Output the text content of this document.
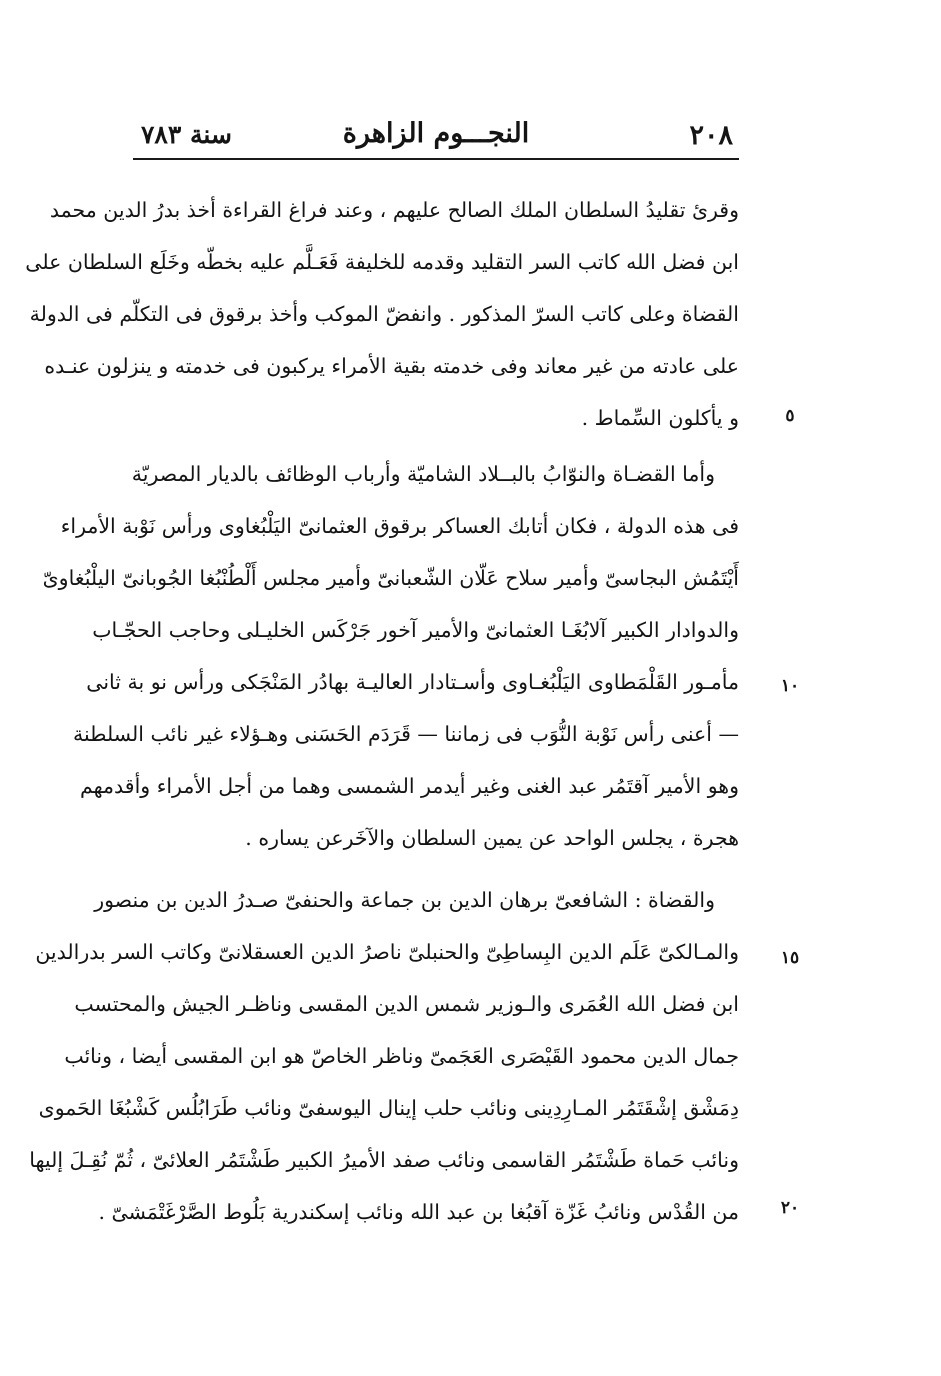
٢٠٨
النجـــوم الزاهرة
سنة ٧٨٣
وقرئ تقليدُ السلطان الملك الصالح عليهم ، وعند فراغ القراءة أخذ بدرُ الدين محمد
ابن فضل الله كاتب السر التقليد وقدمه للخليفة فَعَـلَّم عليه بخطّه وخَلَع السلطان على
القضاة وعلى كاتب السرّ المذكور . وانفضّ الموكب وأخذ برقوق فى التكلّم فى الدولة
على عادته من غير معاند وفى خدمته بقية الأمراء يركبون فى خدمته و ينزلون عنـده
و يأكلون السِّماط .
وأما القضـاة والنوّابُ بالبــلاد الشاميّة وأرباب الوظائف بالديار المصريّة
فى هذه الدولة ، فكان أتابك العساكر برقوق العثمانىّ اليَلْبُغاوى ورأس نَوْبة الأمراء
أَيْتَمُش البجاسىّ وأمير سلاح عَلّان الشّعبانىّ وأمير مجلس أَلْطُنْبُغا الجُوبانىّ اليلْبُغاوىّ
والدوادار الكبير آلابُغَـا العثمانىّ والأمير آخور جَرْكَس الخليـلى وحاجب الحجّـاب
مأمـور القَلْمَطاوى اليَلْبُغـاوى وأسـتادار العاليـة بهادُر المَنْجَكى ورأس نو بة ثانى
— أعنى رأس نَوْبة النُّوَب فى زماننا — قَرَدَم الحَسَنى وهـؤلاء غير نائب السلطنة
وهو الأمير آقتَمُر عبد الغنى وغير أيدمر الشمسى وهما من أجل الأمراء وأقدمهم
هجرة ، يجلس الواحد عن يمين السلطان والآخَرعن يساره .
والقضاة : الشافعىّ برهان الدين بن جماعة والحنفىّ صـدرُ الدين بن منصور
والمـالكىّ عَلَم الدين البِساطِىّ والحنبلىّ ناصرُ الدين العسقلانىّ وكاتب السر بدرالدين
ابن فضل الله العُمَرى والـوزير شمس الدين المقسى وناظـر الجيش والمحتسب
جمال الدين محمود القَيْصَرى العَجَمىّ وناظر الخاصّ هو ابن المقسى أيضا ، ونائب
دِمَشْق إشْقَتَمُر المـارِدِينى ونائب حلب إينال اليوسفىّ ونائب طَرَابُلُس كَشْبُغَا الحَموى
ونائب حَماة طَشْتَمُر القاسمى ونائب صفد الأميرُ الكبير طَشْتَمُر العلائىّ ، ثُمّ نُقِـلَ إليها
من القُدْس ونائبُ غَزّة آقبُغا بن عبد الله ونائب إسكندرية بَلُوط الصَّرْغَتْمَشىّ .
٥
١٠
١٥
٢٠
